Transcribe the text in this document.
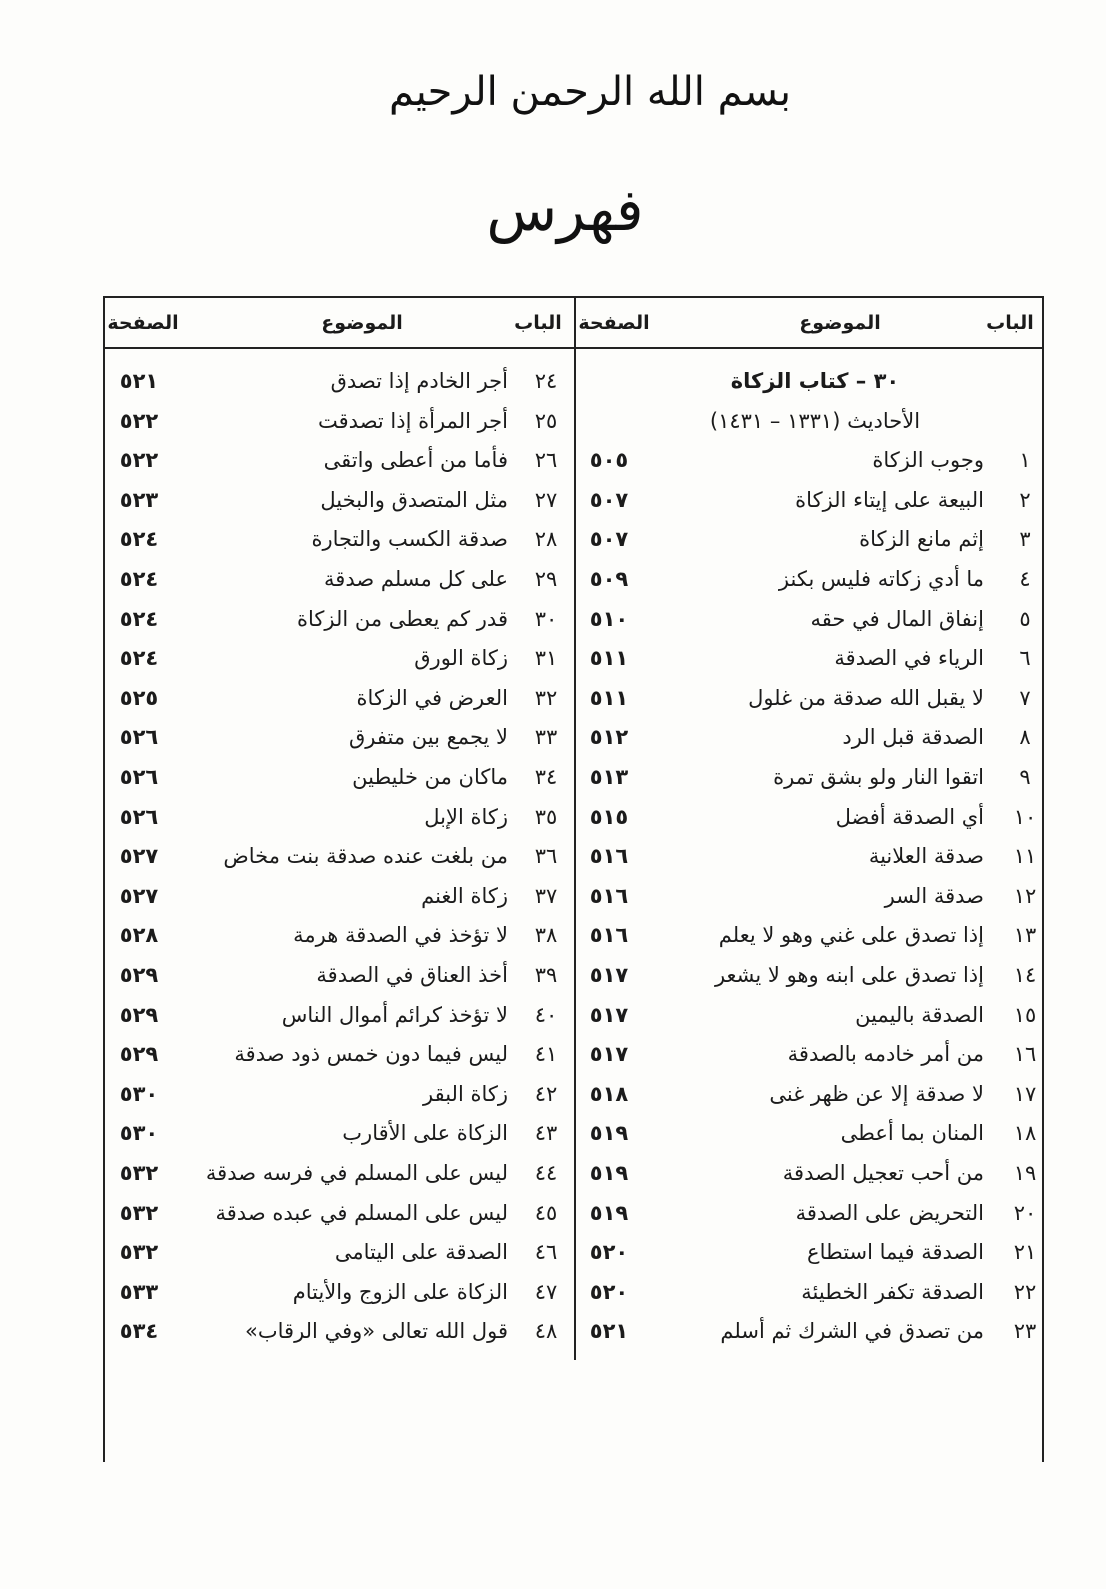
بسم الله الرحمن الرحيم
فهرس
الباب
الموضوع
الصفحة
الباب
الموضوع
الصفحة
٣٠ – كتاب الزكاة
الأحاديث (١٣٣١ – ١٤٣١)
١
وجوب الزكاة
٥٠٥
٢
البيعة على إيتاء الزكاة
٥٠٧
٣
إثم مانع الزكاة
٥٠٧
٤
ما أدي زكاته فليس بكنز
٥٠٩
٥
إنفاق المال في حقه
٥١٠
٦
الرياء في الصدقة
٥١١
٧
لا يقبل الله صدقة من غلول
٥١١
٨
الصدقة قبل الرد
٥١٢
٩
اتقوا النار ولو بشق تمرة
٥١٣
١٠
أي الصدقة أفضل
٥١٥
١١
صدقة العلانية
٥١٦
١٢
صدقة السر
٥١٦
١٣
إذا تصدق على غني وهو لا يعلم
٥١٦
١٤
إذا تصدق على ابنه وهو لا يشعر
٥١٧
١٥
الصدقة باليمين
٥١٧
١٦
من أمر خادمه بالصدقة
٥١٧
١٧
لا صدقة إلا عن ظهر غنى
٥١٨
١٨
المنان بما أعطى
٥١٩
١٩
من أحب تعجيل الصدقة
٥١٩
٢٠
التحريض على الصدقة
٥١٩
٢١
الصدقة فيما استطاع
٥٢٠
٢٢
الصدقة تكفر الخطيئة
٥٢٠
٢٣
من تصدق في الشرك ثم أسلم
٥٢١
٢٤
أجر الخادم إذا تصدق
٥٢١
٢٥
أجر المرأة إذا تصدقت
٥٢٢
٢٦
فأما من أعطى واتقى
٥٢٢
٢٧
مثل المتصدق والبخيل
٥٢٣
٢٨
صدقة الكسب والتجارة
٥٢٤
٢٩
على كل مسلم صدقة
٥٢٤
٣٠
قدر كم يعطى من الزكاة
٥٢٤
٣١
زكاة الورق
٥٢٤
٣٢
العرض في الزكاة
٥٢٥
٣٣
لا يجمع بين متفرق
٥٢٦
٣٤
ماكان من خليطين
٥٢٦
٣٥
زكاة الإبل
٥٢٦
٣٦
من بلغت عنده صدقة بنت مخاض
٥٢٧
٣٧
زكاة الغنم
٥٢٧
٣٨
لا تؤخذ في الصدقة هرمة
٥٢٨
٣٩
أخذ العناق في الصدقة
٥٢٩
٤٠
لا تؤخذ كرائم أموال الناس
٥٢٩
٤١
ليس فيما دون خمس ذود صدقة
٥٢٩
٤٢
زكاة البقر
٥٣٠
٤٣
الزكاة على الأقارب
٥٣٠
٤٤
ليس على المسلم في فرسه صدقة
٥٣٢
٤٥
ليس على المسلم في عبده صدقة
٥٣٢
٤٦
الصدقة على اليتامى
٥٣٢
٤٧
الزكاة على الزوج والأيتام
٥٣٣
٤٨
قول الله تعالى «وفي الرقاب»
٥٣٤
